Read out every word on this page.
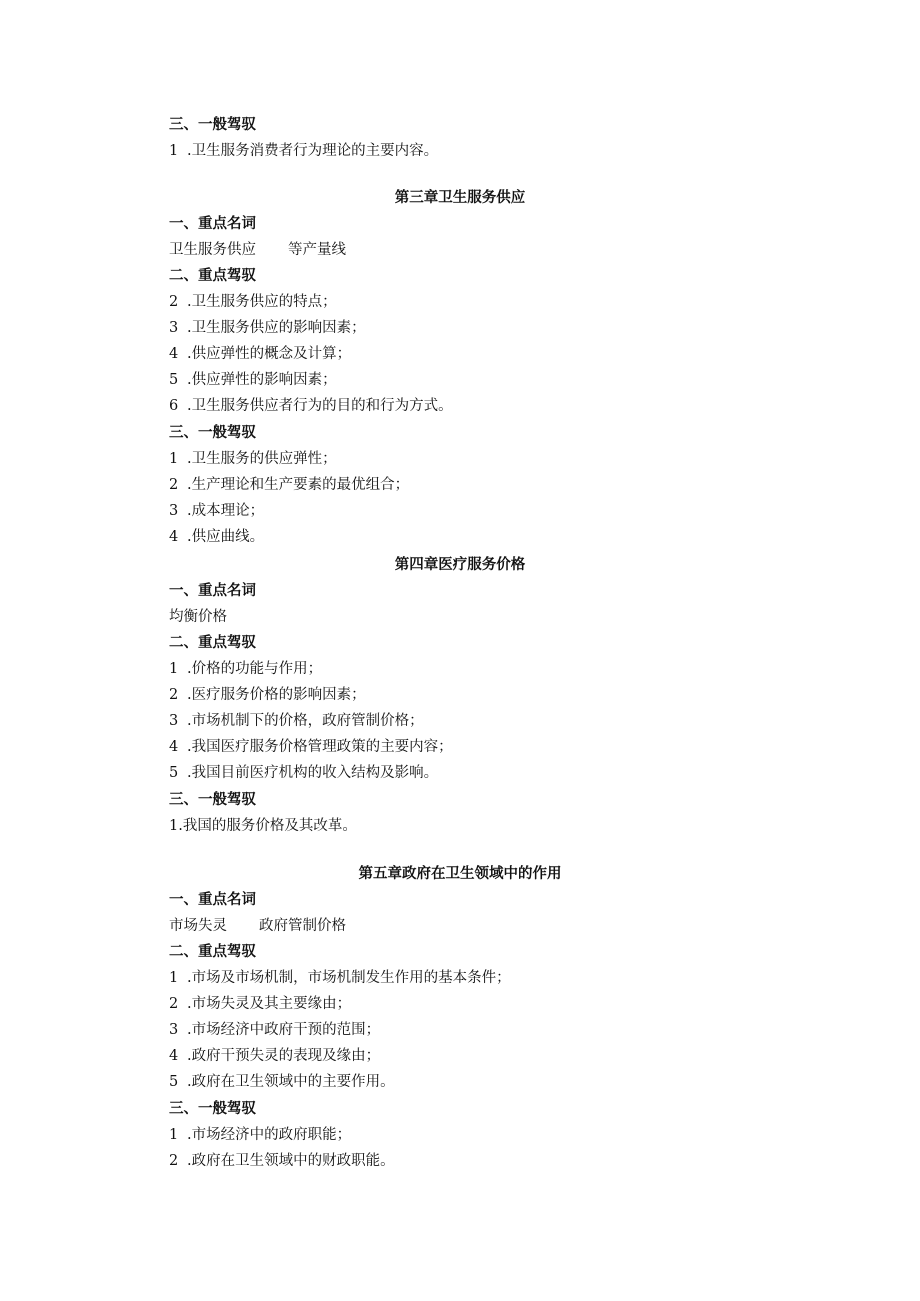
三、一般驾驭
1 .卫生服务消费者行为理论的主要内容。
第三章卫生服务供应
一、重点名词
卫生服务供应 等产量线
二、重点驾驭
2 .卫生服务供应的特点；
3 .卫生服务供应的影响因素；
4 .供应弹性的概念及计算；
5 .供应弹性的影响因素；
6 .卫生服务供应者行为的目的和行为方式。
三、一般驾驭
1 .卫生服务的供应弹性；
2 .生产理论和生产要素的最优组合；
3 .成本理论；
4 .供应曲线。
第四章医疗服务价格
一、重点名词
均衡价格
二、重点驾驭
1 .价格的功能与作用；
2 .医疗服务价格的影响因素；
3 .市场机制下的价格，政府管制价格；
4 .我国医疗服务价格管理政策的主要内容；
5 .我国目前医疗机构的收入结构及影响。
三、一般驾驭
1.我国的服务价格及其改革。
第五章政府在卫生领域中的作用
一、重点名词
市场失灵 政府管制价格
二、重点驾驭
1 .市场及市场机制，市场机制发生作用的基本条件；
2 .市场失灵及其主要缘由；
3 .市场经济中政府干预的范围；
4 .政府干预失灵的表现及缘由；
5 .政府在卫生领域中的主要作用。
三、一般驾驭
1 .市场经济中的政府职能；
2 .政府在卫生领域中的财政职能。
